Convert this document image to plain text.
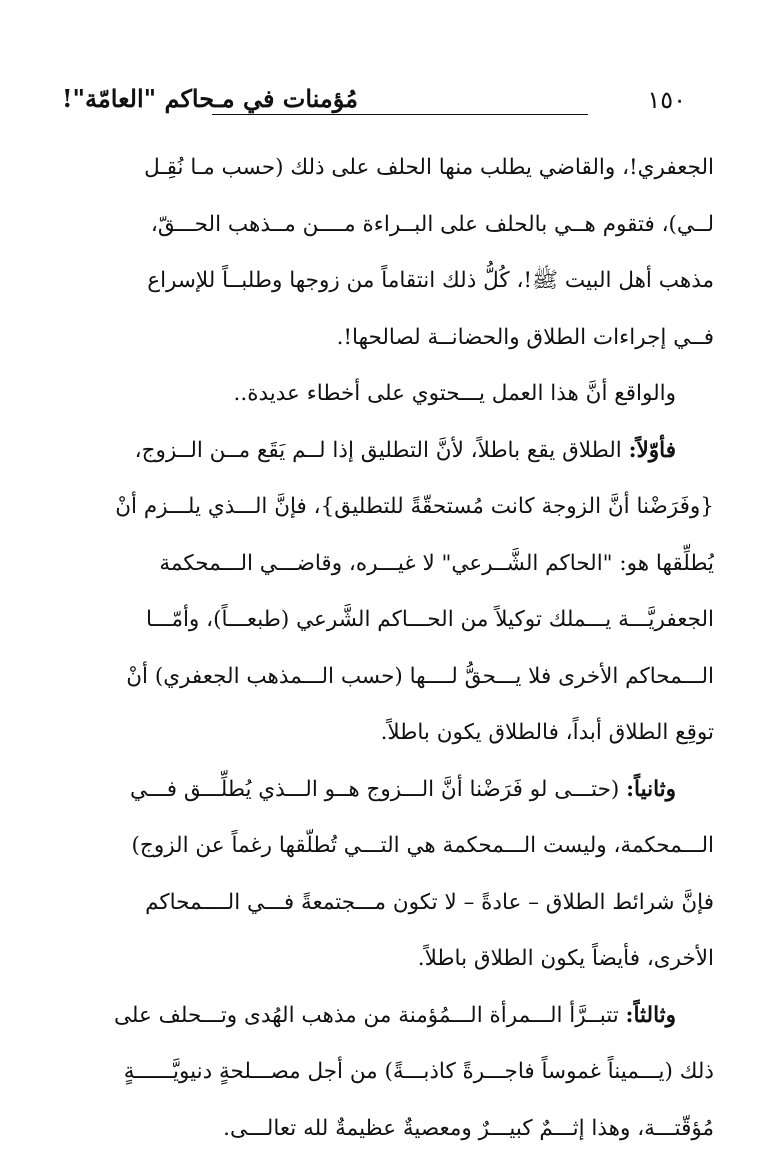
١٥٠
مُؤمنات في مـحاكم "العامّة"!
الجعفري!، والقاضي يطلب منها الحلف على ذلك (حسب مـا نُقِـل
لــي)، فتقوم هــي بالحلف على البــراءة مــــن مــذهب الحـــقّ،
مذهب أهل البيت ﷺ!، كُلُّ ذلك انتقاماً من زوجها وطلبــاً للإسراع
فــي إجراءات الطلاق والحضانــة لصالحها!.
والواقع أنَّ هذا العمل يـــحتوي على أخطاء عديدة..
فأوّلاً: الطلاق يقع باطلاً، لأنَّ التطليق إذا لــم يَقَع مــن الــزوج،
{وفَرَضْنا أنَّ الزوجة كانت مُستحقّةً للتطليق}، فإنَّ الـــذي يلـــزم أنْ
يُطلِّقها هو: "الحاكم الشَّــرعي" لا غيـــره، وقاضـــي الـــمحكمة
الجعفريَّـــة يـــملك توكيلاً من الحـــاكم الشَّرعي (طبعـــاً)، وأمّـــا
الـــمحاكم الأخرى فلا يـــحقُّ لــــها (حسب الـــمذهب الجعفري) أنْ
توقِع الطلاق أبداً، فالطلاق يكون باطلاً.
وثانياً: (حتـــى لو فَرَضْنا أنَّ الـــزوج هــو الـــذي يُطلِّـــق فـــي
الـــمحكمة، وليست الـــمحكمة هي التـــي تُطلّقها رغماً عن الزوج)
فإنَّ شرائط الطلاق – عادةً – لا تكون مـــجتمعةً فـــي الــــمحاكم
الأخرى، فأيضاً يكون الطلاق باطلاً.
وثالثاً: تتبــرَّأ الـــمرأة الـــمُؤمنة من مذهب الهُدى وتـــحلف على
ذلك (يـــميناً غموساً فاجـــرةً كاذبـــةً) من أجل مصـــلحةٍ دنيويَّــــــةٍ
مُؤقّتـــة، وهذا إثـــمٌ كبيـــرٌ ومعصيةٌ عظيمةٌ لله تعالـــى.
